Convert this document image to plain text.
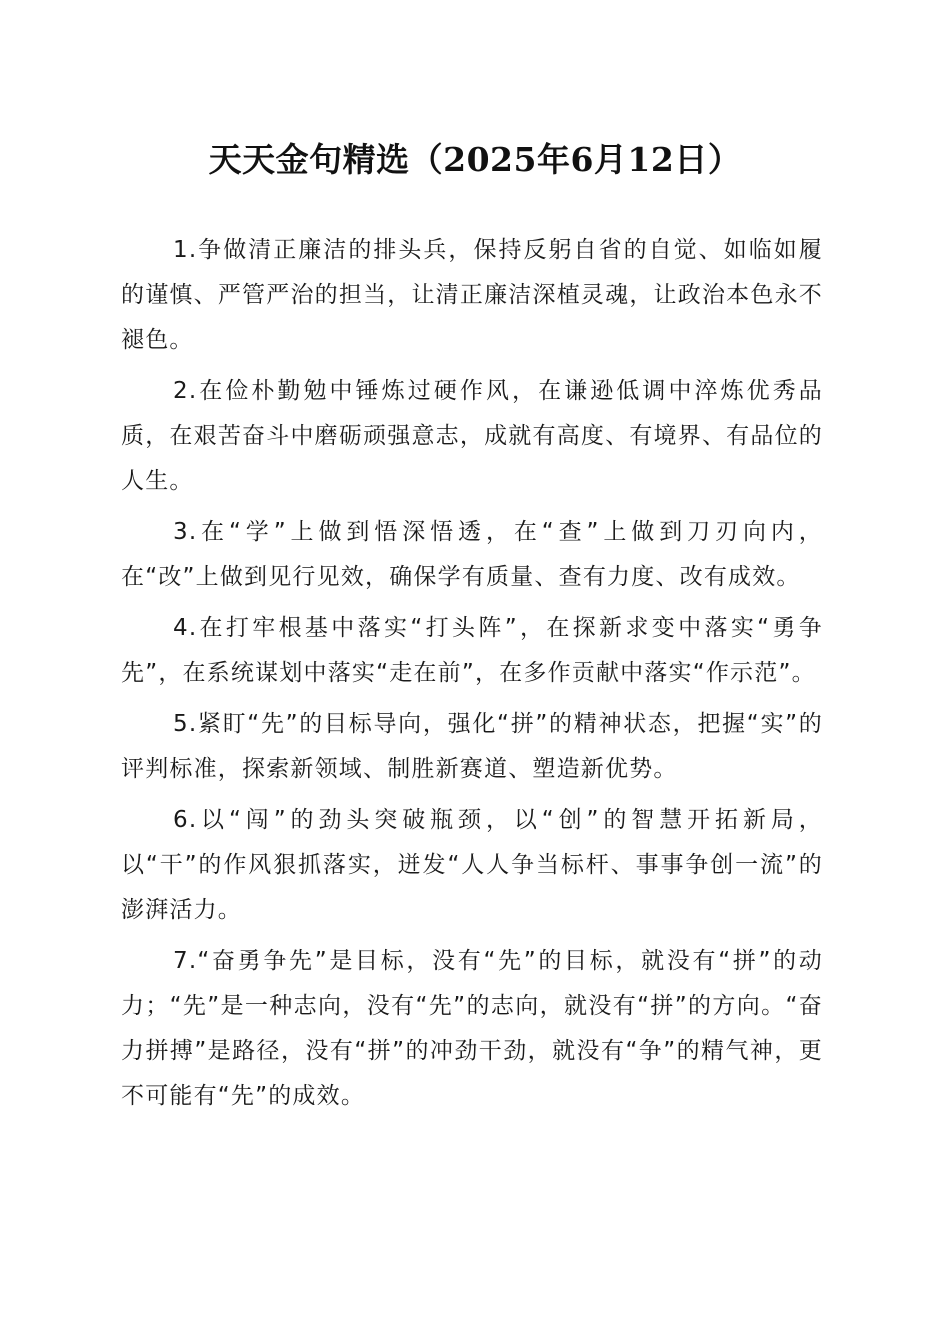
天天金句精选（2025年6月12日）

1.争做清正廉洁的排头兵，保持反躬自省的自觉、如临如履的谨慎、严管严治的担当，让清正廉洁深植灵魂，让政治本色永不褪色。

2.在俭朴勤勉中锤炼过硬作风，在谦逊低调中淬炼优秀品质，在艰苦奋斗中磨砺顽强意志，成就有高度、有境界、有品位的人生。

3.在“学”上做到悟深悟透，在“查”上做到刀刃向内，在“改”上做到见行见效，确保学有质量、查有力度、改有成效。

4.在打牢根基中落实“打头阵”，在探新求变中落实“勇争先”，在系统谋划中落实“走在前”，在多作贡献中落实“作示范”。

5.紧盯“先”的目标导向，强化“拼”的精神状态，把握“实”的评判标准，探索新领域、制胜新赛道、塑造新优势。

6.以“闯”的劲头突破瓶颈，以“创”的智慧开拓新局，以“干”的作风狠抓落实，迸发“人人争当标杆、事事争创一流”的澎湃活力。

7.“奋勇争先”是目标，没有“先”的目标，就没有“拼”的动力；“先”是一种志向，没有“先”的志向，就没有“拼”的方向。“奋力拼搏”是路径，没有“拼”的冲劲干劲，就没有“争”的精气神，更不可能有“先”的成效。
